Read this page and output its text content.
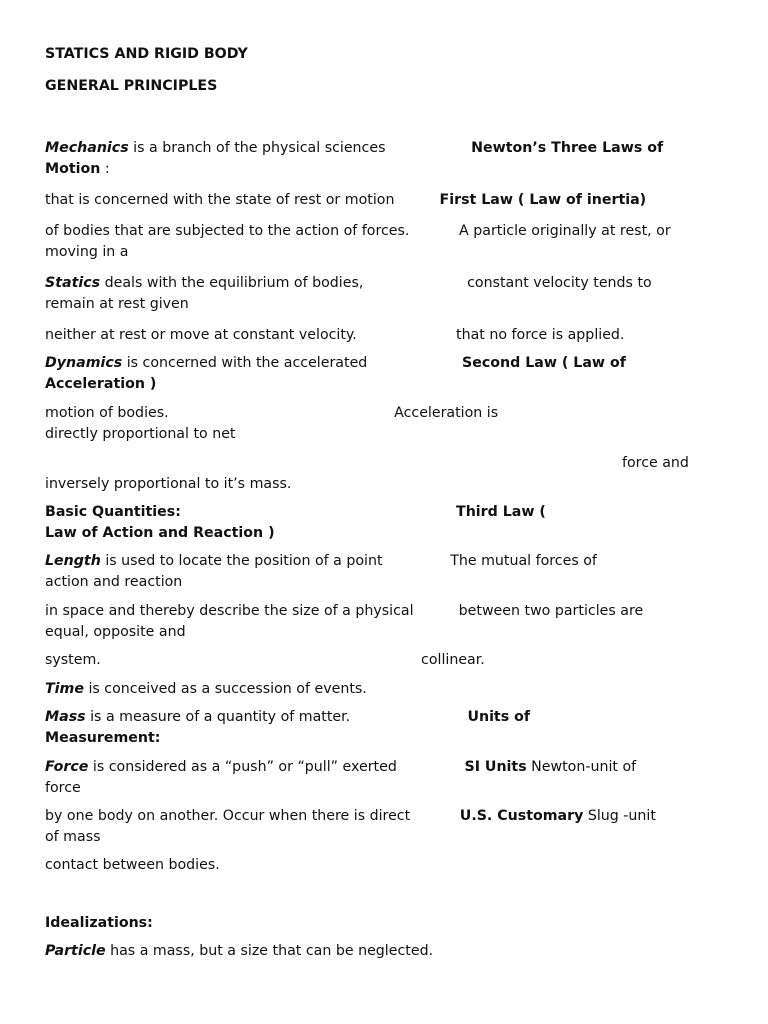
STATICS AND RIGID BODY
GENERAL PRINCIPLES
Mechanics is a branch of the physical sciences	Newton’s Three Laws of
Motion :
that is concerned with the state of rest or motion	First Law ( Law of inertia)
of bodies that are subjected to the action of forces.	A particle originally at rest, or
moving in a
Statics deals with the equilibrium of bodies,	constant velocity tends to
remain at rest given
neither at rest or move at constant velocity.	that no force is applied.
Dynamics is concerned with the accelerated	Second Law ( Law of
Acceleration )
motion of bodies.	Acceleration is
directly proportional to net
force and
inversely proportional to it’s mass.
Basic Quantities:	Third Law (
Law of Action and Reaction )
Length is used to locate the position of a point	The mutual forces of
action and reaction
in space and thereby describe the size of a physical	between two particles are
equal, opposite and
system.	collinear.
Time is conceived as a succession of events.
Mass is a measure of a quantity of matter.	Units of
Measurement:
Force is considered as a “push” or “pull” exerted	SI Units Newton-unit of
force
by one body on another. Occur when there is direct	U.S. Customary Slug -unit
of mass
contact between bodies.
Idealizations:
Particle has a mass, but a size that can be neglected.
